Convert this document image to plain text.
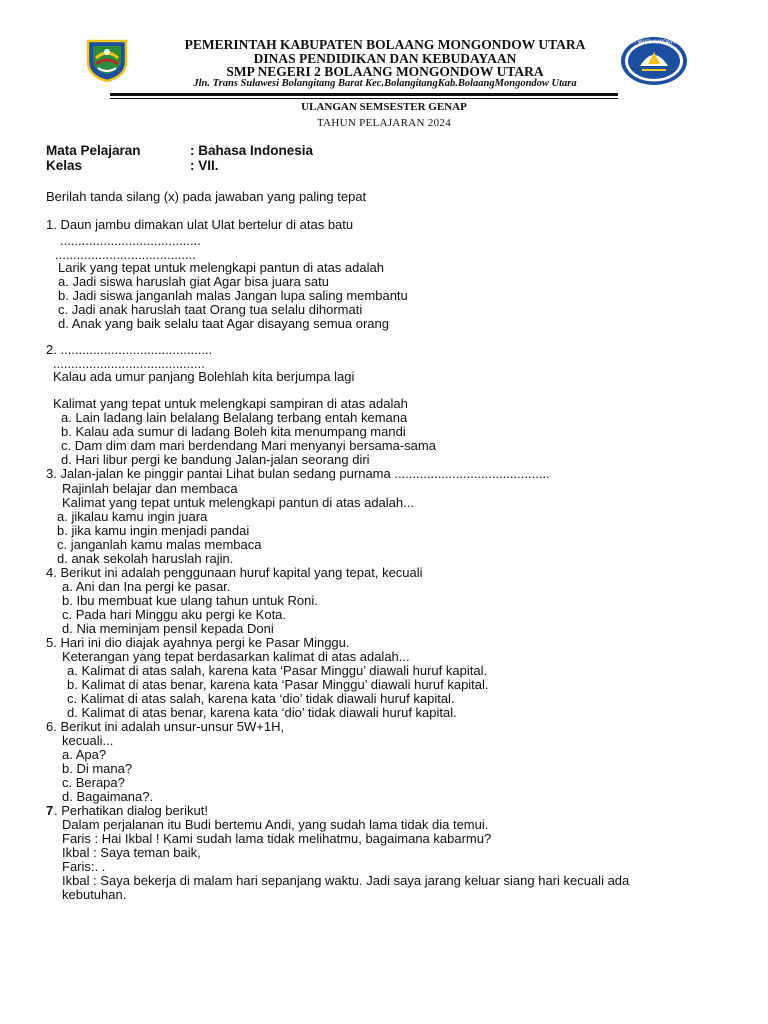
TUT WURI HANDAYANI
PEMERINTAH KABUPATEN BOLAANG MONGONDOW UTARA
DINAS PENDIDIKAN DAN KEBUDAYAAN
SMP NEGERI 2 BOLAANG MONGONDOW UTARA
Jln. Trans Sulawesi Bolangitang Barat Kec.BolangitangKab.BolaangMongondow Utara
ULANGAN SEMSESTER GENAP
TAHUN PELAJARAN 2024
Mata Pelajaran	: Bahasa Indonesia
Kelas	: VII.
Berilah tanda silang (x) pada jawaban yang paling tepat
1. Daun jambu dimakan ulat Ulat bertelur di atas batu
.......................................
.......................................
Larik yang tepat untuk melengkapi pantun di atas adalah
a. Jadi siswa haruslah giat Agar bisa juara satu
b. Jadi siswa janganlah malas Jangan lupa saling membantu
c. Jadi anak haruslah taat Orang tua selalu dihormati
d. Anak yang baik selalu taat Agar disayang semua orang
2. ..........................................
..........................................
Kalau ada umur panjang Bolehlah kita berjumpa lagi
Kalimat yang tepat untuk melengkapi sampiran di atas adalah
a. Lain ladang lain belalang Belalang terbang entah kemana
b. Kalau ada sumur di ladang Boleh kita menumpang mandi
c. Dam dim dam mari berdendang Mari menyanyi bersama-sama
d. Hari libur pergi ke bandung Jalan-jalan seorang diri
3. Jalan-jalan ke pinggir pantai Lihat bulan sedang purnama ...........................................
Rajinlah belajar dan membaca
Kalimat yang tepat untuk melengkapi pantun di atas adalah...
a. jikalau kamu ingin juara
b. jika kamu ingin menjadi pandai
c. janganlah kamu malas membaca
d. anak sekolah haruslah rajin.
4. Berikut ini adalah penggunaan huruf kapital yang tepat, kecuali
a. Ani dan Ina pergi ke pasar.
b. Ibu membuat kue ulang tahun untuk Roni.
c. Pada hari Minggu aku pergi ke Kota.
d. Nia meminjam pensil kepada Doni
5. Hari ini dio diajak ayahnya pergi ke Pasar Minggu.
Keterangan yang tepat berdasarkan kalimat di atas adalah...
a. Kalimat di atas salah, karena kata ‘Pasar Minggu’ diawali huruf kapital.
b. Kalimat di atas benar, karena kata ‘Pasar Minggu’ diawali huruf kapital.
c. Kalimat di atas salah, karena kata ‘dio’ tidak diawali huruf kapital.
d. Kalimat di atas benar, karena kata ‘dio’ tidak diawali huruf kapital.
6. Berikut ini adalah unsur-unsur 5W+1H,
kecuali...
a. Apa?
b. Di mana?
c. Berapa?
d. Bagaimana?.
7 . Perhatikan dialog berikut!
Dalam perjalanan itu Budi bertemu Andi, yang sudah lama tidak dia temui.
Faris : Hai Ikbal ! Kami sudah lama tidak melihatmu, bagaimana kabarmu?
Ikbal : Saya teman baik,
Faris:. .
Ikbal : Saya bekerja di malam hari sepanjang waktu. Jadi saya jarang keluar siang hari kecuali ada
kebutuhan.
